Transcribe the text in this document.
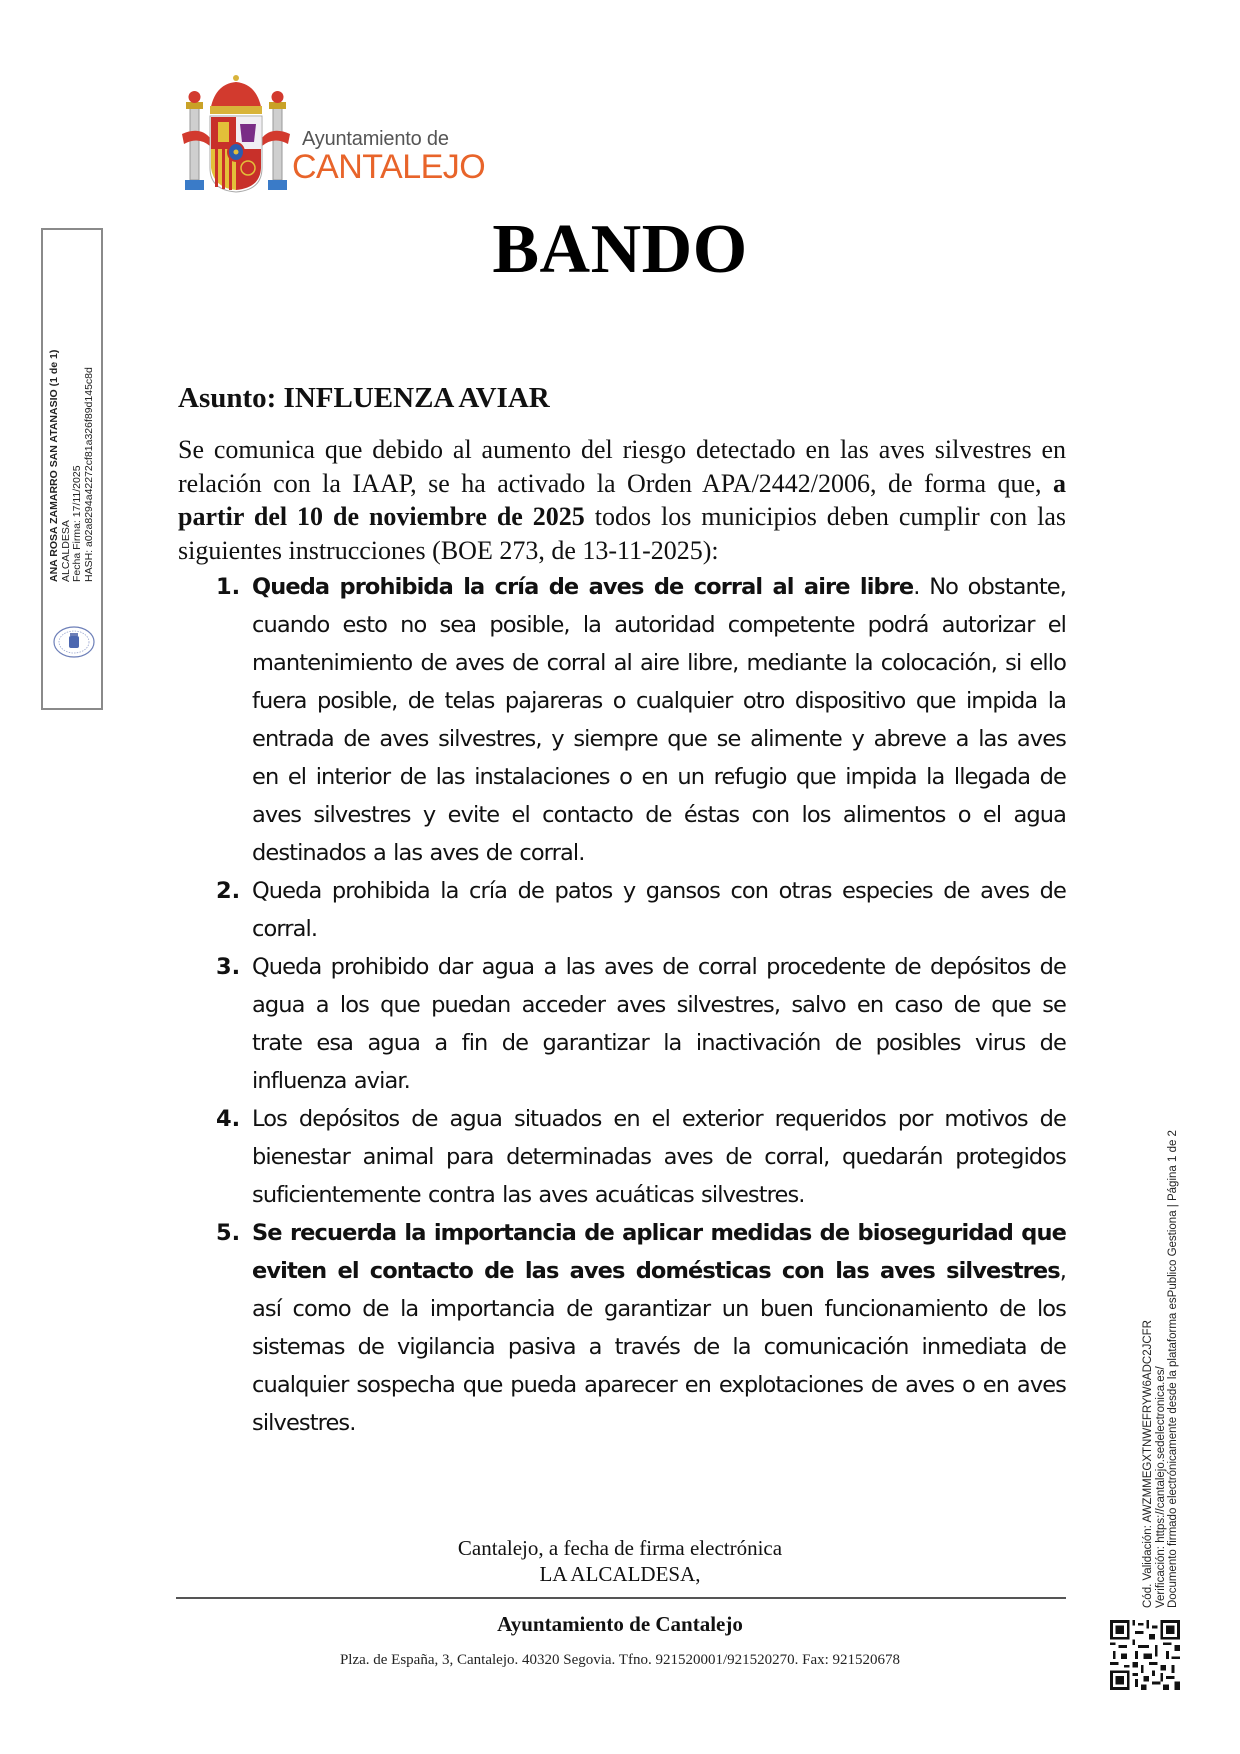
Ayuntamiento de
CANTALEJO
ANA ROSA ZAMARRO SAN ATANASIO (1 de 1) ALCALDESA Fecha Firma: 17/11/2025 HASH: a02a8294a42272cf81a326f89d145c8d
BANDO
Asunto: INFLUENZA AVIAR

Se comunica que debido al aumento del riesgo detectado en las aves silvestres en relación con la IAAP, se ha activado la Orden APA/2442/2006, de forma que, a partir del 10 de noviembre de 2025 todos los municipios deben cumplir con las siguientes instrucciones (BOE 273, de 13-11-2025):

1. Queda prohibida la cría de aves de corral al aire libre. No obstante, cuando esto no sea posible, la autoridad competente podrá autorizar el mantenimiento de aves de corral al aire libre, mediante la colocación, si ello fuera posible, de telas pajareras o cualquier otro dispositivo que impida la entrada de aves silvestres, y siempre que se alimente y abreve a las aves en el interior de las instalaciones o en un refugio que impida la llegada de aves silvestres y evite el contacto de éstas con los alimentos o el agua destinados a las aves de corral.
2. Queda prohibida la cría de patos y gansos con otras especies de aves de corral.
3. Queda prohibido dar agua a las aves de corral procedente de depósitos de agua a los que puedan acceder aves silvestres, salvo en caso de que se trate esa agua a fin de garantizar la inactivación de posibles virus de influenza aviar.
4. Los depósitos de agua situados en el exterior requeridos por motivos de bienestar animal para determinadas aves de corral, quedarán protegidos suficientemente contra las aves acuáticas silvestres.
5. Se recuerda la importancia de aplicar medidas de bioseguridad que eviten el contacto de las aves domésticas con las aves silvestres, así como de la importancia de garantizar un buen funcionamiento de los sistemas de vigilancia pasiva a través de la comunicación inmediata de cualquier sospecha que pueda aparecer en explotaciones de aves o en aves silvestres.
Cantalejo, a fecha de firma electrónica
LA ALCALDESA,
Ayuntamiento de Cantalejo
Plza. de España, 3, Cantalejo. 40320 Segovia. Tfno. 921520001/921520270. Fax: 921520678
Cód. Validación: AWZMMEGXTNWEFRYW6ADC2JCFR Verificación: https://cantalejo.sedelectronica.es/ Documento firmado electrónicamente desde la plataforma esPublico Gestiona | Página 1 de 2
